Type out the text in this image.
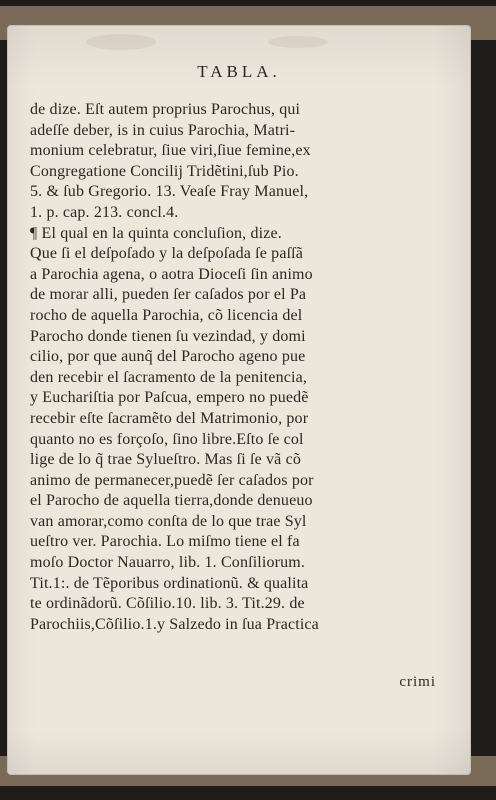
TABLA.
de dize. Eſt autem proprius Parochus, qui
adeſſe deber, is in cuius Parochia, Matri-
monium celebratur, ſiue viri,ſiue femine,ex
Congregatione Concilij Tridẽtini,ſub Pio.
5. & ſub Gregorio. 13. Veaſe Fray Manuel,
1. p. cap. 213. concl.4.
¶ El qual en la quinta concluſion, dize.
Que ſi el deſpoſado y la deſpoſada ſe paſſã
a Parochia agena, o aotra Dioceſi ſin animo
de morar alli, pueden ſer caſados por el Pa
rocho de aquella Parochia, cõ licencia del
Parocho donde tienen ſu vezindad, y domi
cilio, por que aunq̃ del Parocho ageno pue
den recebir el ſacramento de la penitencia,
y Euchariſtia por Paſcua, empero no puedẽ
recebir eſte ſacramẽto del Matrimonio, por
quanto no es forçoſo, ſino libre.Eſto ſe col
lige de lo q̃ trae Sylueſtro. Mas ſi ſe vã cõ
animo de permanecer,puedẽ ſer caſados por
el Parocho de aquella tierra,donde denueuo
van amorar,como conſta de lo que trae Syl
ueſtro ver. Parochia. Lo miſmo tiene el fa
moſo Doctor Nauarro, lib. 1. Conſiliorum.
Tit.1:. de Tẽporibus ordinationũ. & qualita
te ordinãdorũ. Cõſilio.10. lib. 3. Tit.29. de
Parochiis,Cõſilio.1.y Salzedo in ſua Practica
crimi
